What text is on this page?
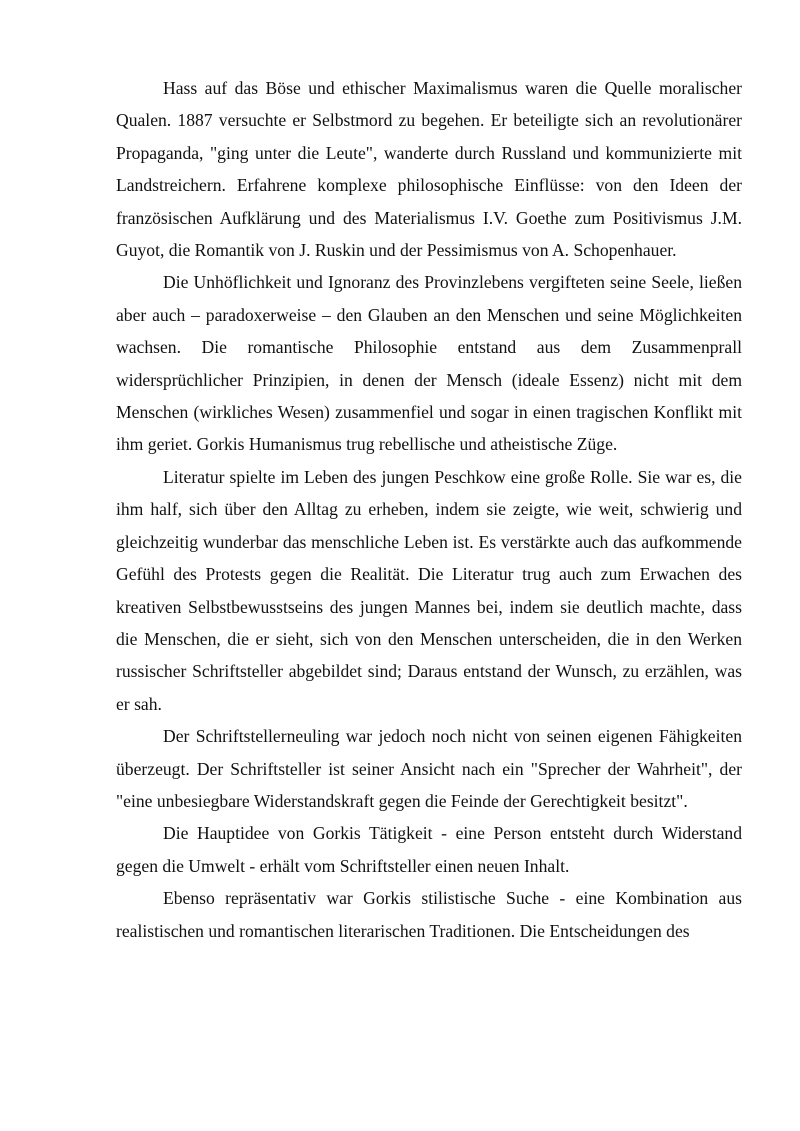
Hass auf das Böse und ethischer Maximalismus waren die Quelle moralischer Qualen. 1887 versuchte er Selbstmord zu begehen. Er beteiligte sich an revolutionärer Propaganda, "ging unter die Leute", wanderte durch Russland und kommunizierte mit Landstreichern. Erfahrene komplexe philosophische Einflüsse: von den Ideen der französischen Aufklärung und des Materialismus I.V. Goethe zum Positivismus J.M. Guyot, die Romantik von J. Ruskin und der Pessimismus von A. Schopenhauer.

Die Unhöflichkeit und Ignoranz des Provinzlebens vergifteten seine Seele, ließen aber auch – paradoxerweise – den Glauben an den Menschen und seine Möglichkeiten wachsen. Die romantische Philosophie entstand aus dem Zusammenprall widersprüchlicher Prinzipien, in denen der Mensch (ideale Essenz) nicht mit dem Menschen (wirkliches Wesen) zusammenfiel und sogar in einen tragischen Konflikt mit ihm geriet. Gorkis Humanismus trug rebellische und atheistische Züge.

Literatur spielte im Leben des jungen Peschkow eine große Rolle. Sie war es, die ihm half, sich über den Alltag zu erheben, indem sie zeigte, wie weit, schwierig und gleichzeitig wunderbar das menschliche Leben ist. Es verstärkte auch das aufkommende Gefühl des Protests gegen die Realität. Die Literatur trug auch zum Erwachen des kreativen Selbstbewusstseins des jungen Mannes bei, indem sie deutlich machte, dass die Menschen, die er sieht, sich von den Menschen unterscheiden, die in den Werken russischer Schriftsteller abgebildet sind; Daraus entstand der Wunsch, zu erzählen, was er sah.

Der Schriftstellerneuling war jedoch noch nicht von seinen eigenen Fähigkeiten überzeugt. Der Schriftsteller ist seiner Ansicht nach ein "Sprecher der Wahrheit", der "eine unbesiegbare Widerstandskraft gegen die Feinde der Gerechtigkeit besitzt".

Die Hauptidee von Gorkis Tätigkeit - eine Person entsteht durch Widerstand gegen die Umwelt - erhält vom Schriftsteller einen neuen Inhalt.

Ebenso repräsentativ war Gorkis stilistische Suche - eine Kombination aus realistischen und romantischen literarischen Traditionen. Die Entscheidungen des
